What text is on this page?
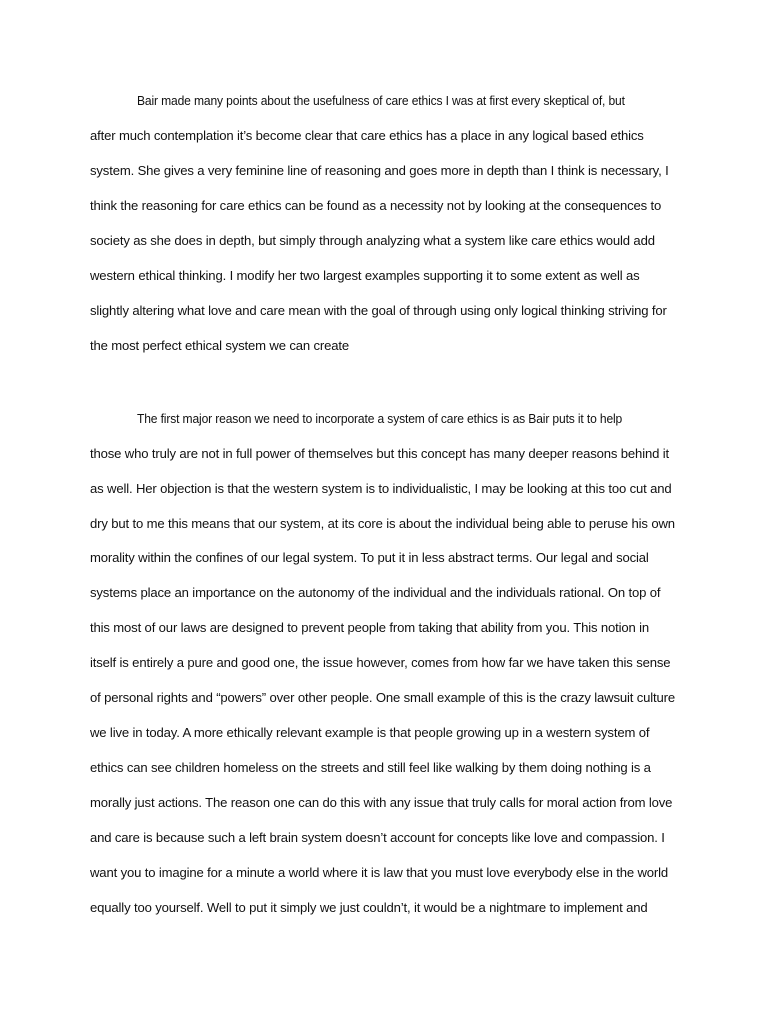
Bair made many points about the usefulness of care ethics I was at first every skeptical of, but
after much contemplation it’s become clear that care ethics has a place in any logical based ethics
system. She gives a very feminine line of reasoning and goes more in depth than I think is necessary, I
think the reasoning for care ethics can be found as a necessity not by looking at the consequences to
society as she does in depth, but simply through analyzing what a system like care ethics would add
western ethical thinking. I modify her two largest examples supporting it to some extent as well as
slightly altering what love and care mean with the goal of through using only logical thinking striving for
the most perfect ethical system we can create
The first major reason we need to incorporate a system of care ethics is as Bair puts it to help
those who truly are not in full power of themselves but this concept has many deeper reasons behind it
as well. Her objection is that the western system is to individualistic, I may be looking at this too cut and
dry but to me this means that our system, at its core is about the individual being able to peruse his own
morality within the confines of our legal system. To put it in less abstract terms. Our legal and social
systems place an importance on the autonomy of the individual and the individuals rational. On top of
this most of our laws are designed to prevent people from taking that ability from you. This notion in
itself is entirely a pure and good one, the issue however, comes from how far we have taken this sense
of personal rights and “powers” over other people. One small example of this is the crazy lawsuit culture
we live in today. A more ethically relevant example is that people growing up in a western system of
ethics can see children homeless on the streets and still feel like walking by them doing nothing is a
morally just actions. The reason one can do this with any issue that truly calls for moral action from love
and care is because such a left brain system doesn’t account for concepts like love and compassion. I
want you to imagine for a minute a world where it is law that you must love everybody else in the world
equally too yourself. Well to put it simply we just couldn’t, it would be a nightmare to implement and
